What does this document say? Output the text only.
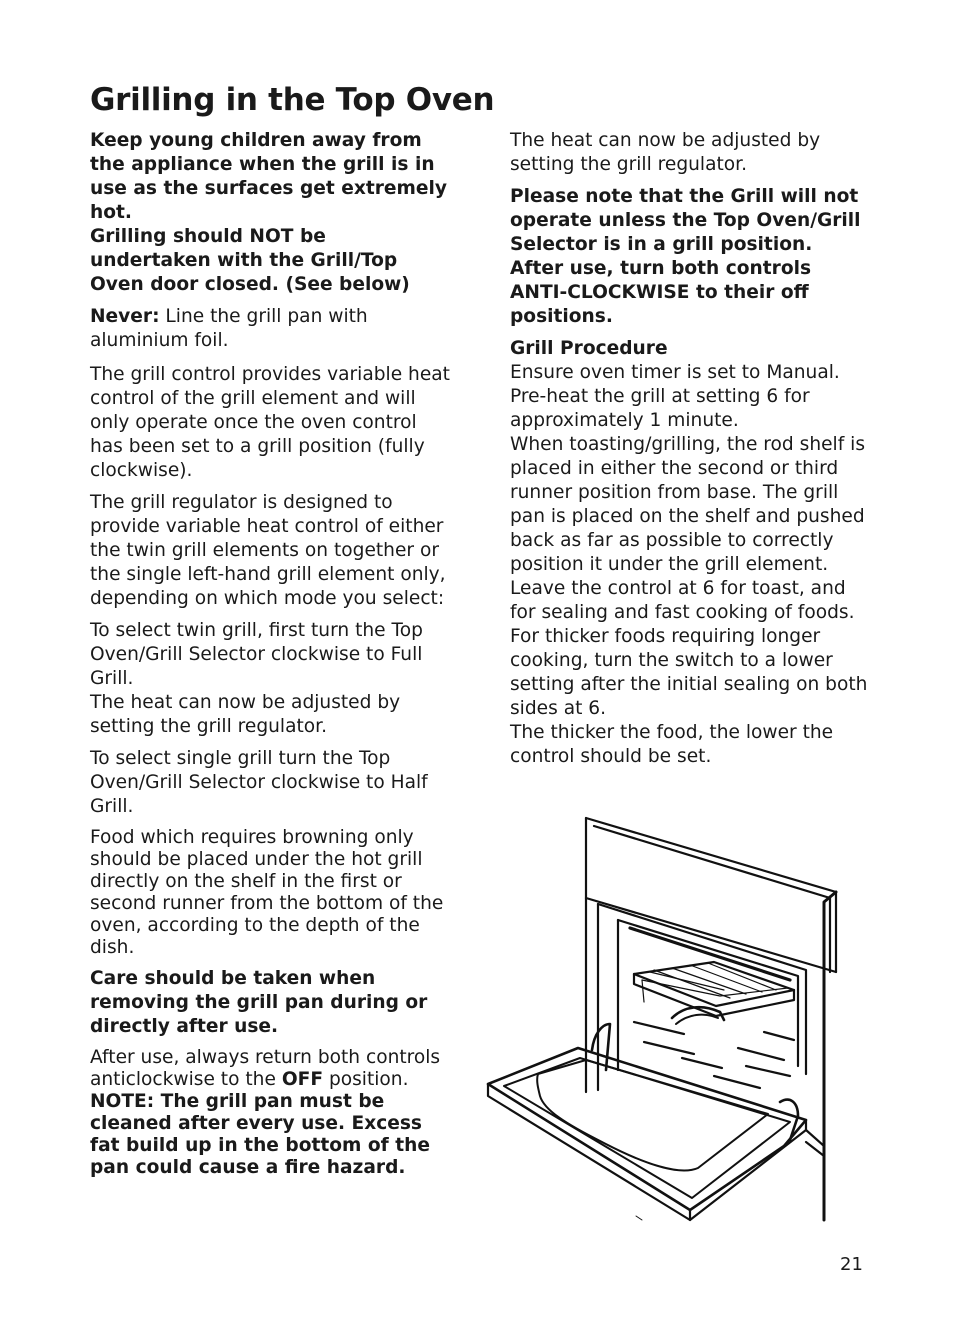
Grilling in the Top Oven

Keep young children away from the appliance when the grill is in use as the surfaces get extremely hot.

Grilling should NOT be undertaken with the Grill/Top Oven door closed. (See below)

Never: Line the grill pan with aluminium foil.

The grill control provides variable heat control of the grill element and will only operate once the oven control has been set to a grill position (fully clockwise).

The grill regulator is designed to provide variable heat control of either the twin grill elements on together or the single left-hand grill element only, depending on which mode you select:

To select twin grill, first turn the Top Oven/Grill Selector clockwise to Full Grill.

The heat can now be adjusted by setting the grill regulator.

To select single grill turn the Top Oven/Grill Selector clockwise to Half Grill.

Food which requires browning only should be placed under the hot grill directly on the shelf in the first or second runner from the bottom of the oven, according to the depth of the dish.

Care should be taken when removing the grill pan during or directly after use.

After use, always return both controls anticlockwise to the OFF position.

NOTE: The grill pan must be cleaned after every use. Excess fat build up in the bottom of the pan could cause a fire hazard.

The heat can now be adjusted by setting the grill regulator.

Please note that the Grill will not operate unless the Top Oven/Grill Selector is in a grill position.

After use, turn both controls ANTI-CLOCKWISE to their off positions.

Grill Procedure

Ensure oven timer is set to Manual.

Pre-heat the grill at setting 6 for approximately 1 minute.

When toasting/grilling, the rod shelf is placed in either the second or third runner position from base. The grill pan is placed on the shelf and pushed back as far as possible to correctly position it under the grill element.

Leave the control at 6 for toast, and for sealing and fast cooking of foods. For thicker foods requiring longer cooking, turn the switch to a lower setting after the initial sealing on both sides at 6.

The thicker the food, the lower the control should be set.

21
